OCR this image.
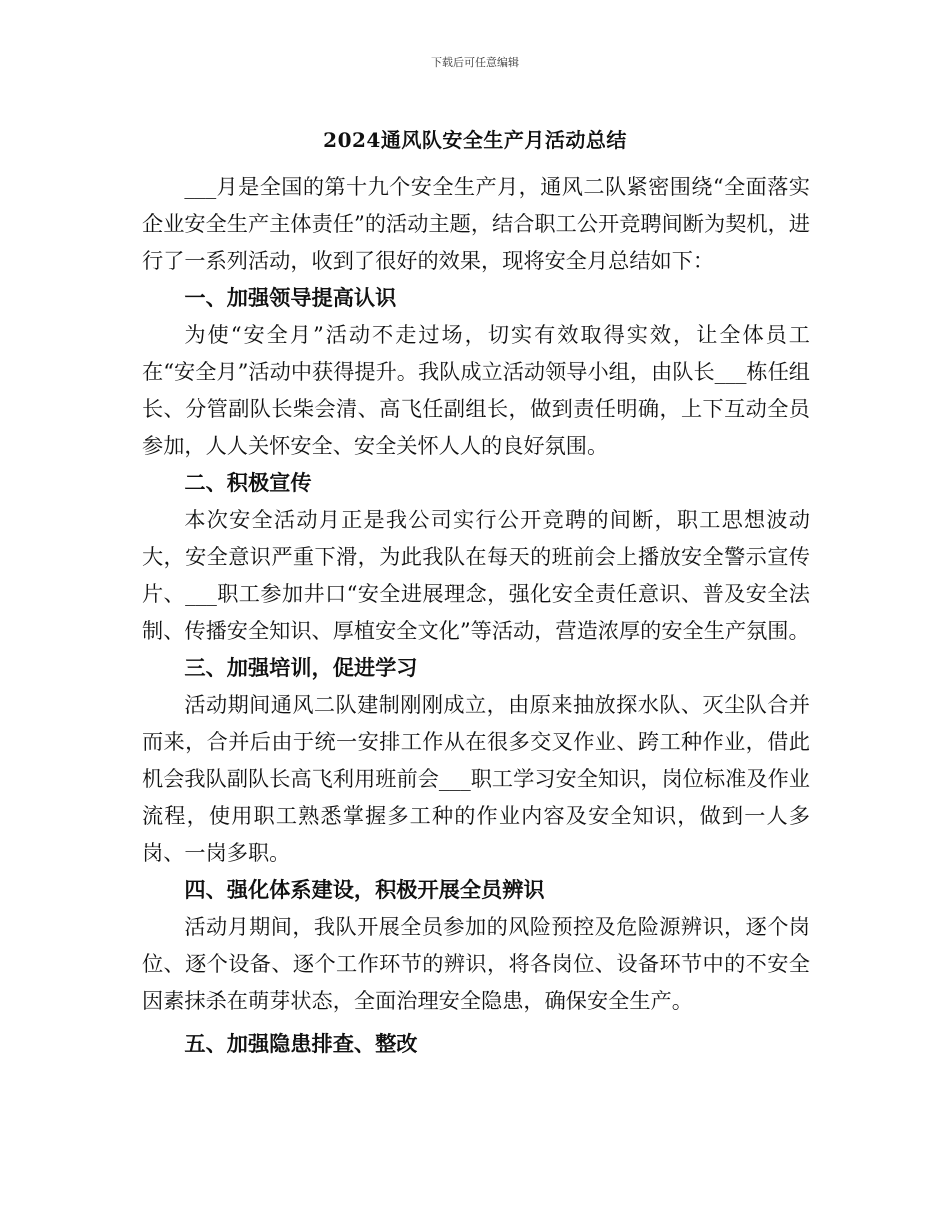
下载后可任意编辑
2024通风队安全生产月活动总结

___月是全国的第十九个安全生产月，通风二队紧密围绕“全面落实企业安全生产主体责任”的活动主题，结合职工公开竞聘间断为契机，进行了一系列活动，收到了很好的效果，现将安全月总结如下：

一、加强领导提高认识

为使“安全月”活动不走过场，切实有效取得实效，让全体员工在“安全月”活动中获得提升。我队成立活动领导小组，由队长___栋任组长、分管副队长柴会清、高飞任副组长，做到责任明确，上下互动全员参加，人人关怀安全、安全关怀人人的良好氛围。

二、积极宣传

本次安全活动月正是我公司实行公开竞聘的间断，职工思想波动大，安全意识严重下滑，为此我队在每天的班前会上播放安全警示宣传片、___职工参加井口“安全进展理念，强化安全责任意识、普及安全法制、传播安全知识、厚植安全文化”等活动，营造浓厚的安全生产氛围。

三、加强培训，促进学习

活动期间通风二队建制刚刚成立，由原来抽放探水队、灭尘队合并而来，合并后由于统一安排工作从在很多交叉作业、跨工种作业，借此机会我队副队长高飞利用班前会___职工学习安全知识，岗位标准及作业流程，使用职工熟悉掌握多工种的作业内容及安全知识，做到一人多岗、一岗多职。

四、强化体系建设，积极开展全员辨识

活动月期间，我队开展全员参加的风险预控及危险源辨识，逐个岗位、逐个设备、逐个工作环节的辨识，将各岗位、设备环节中的不安全因素抹杀在萌芽状态，全面治理安全隐患，确保安全生产。

五、加强隐患排查、整改
